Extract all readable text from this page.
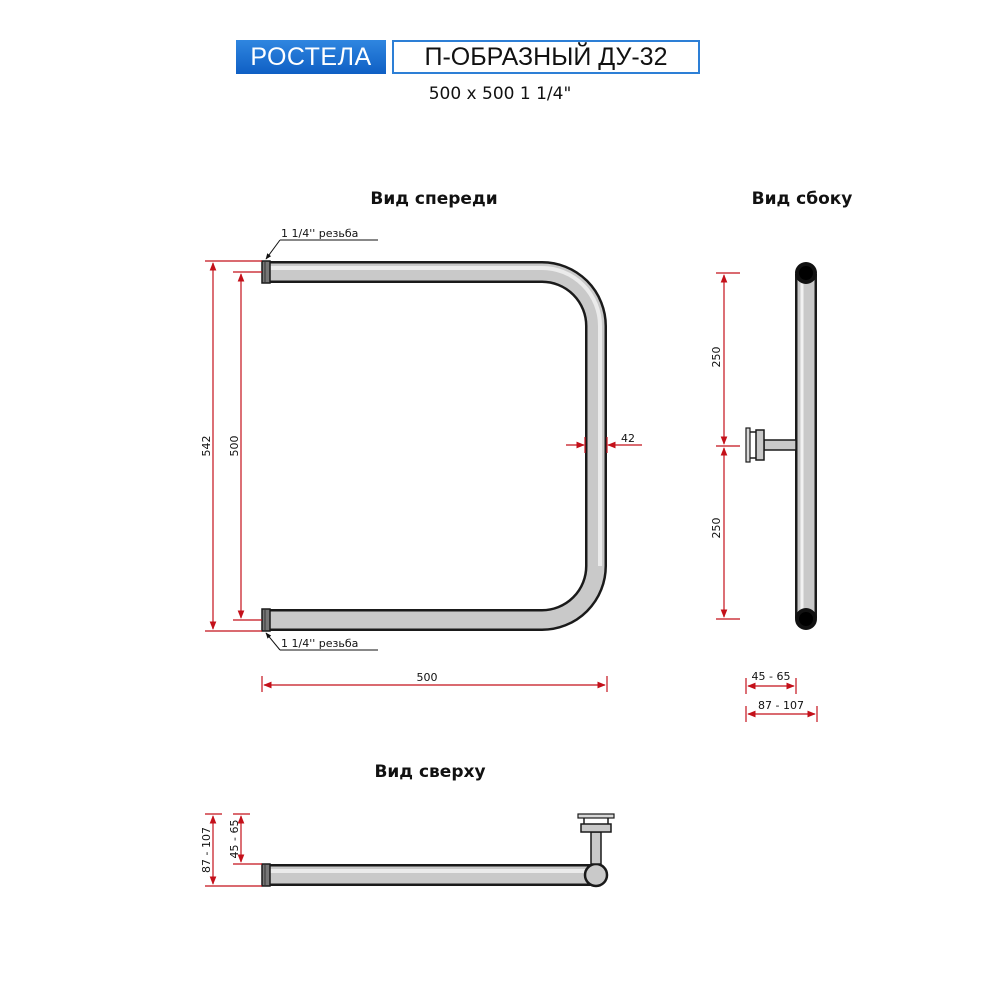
РОСТЕЛА	П-ОБРАЗНЫЙ ДУ-32
500 x 500 1 1/4"
Вид спереди	Вид сбоку
Вид сверху
1 1/4'' резьба
1 1/4'' резьба
542 500
500
42
250
250
45 - 65
87 - 107
87 - 107 45 - 65
